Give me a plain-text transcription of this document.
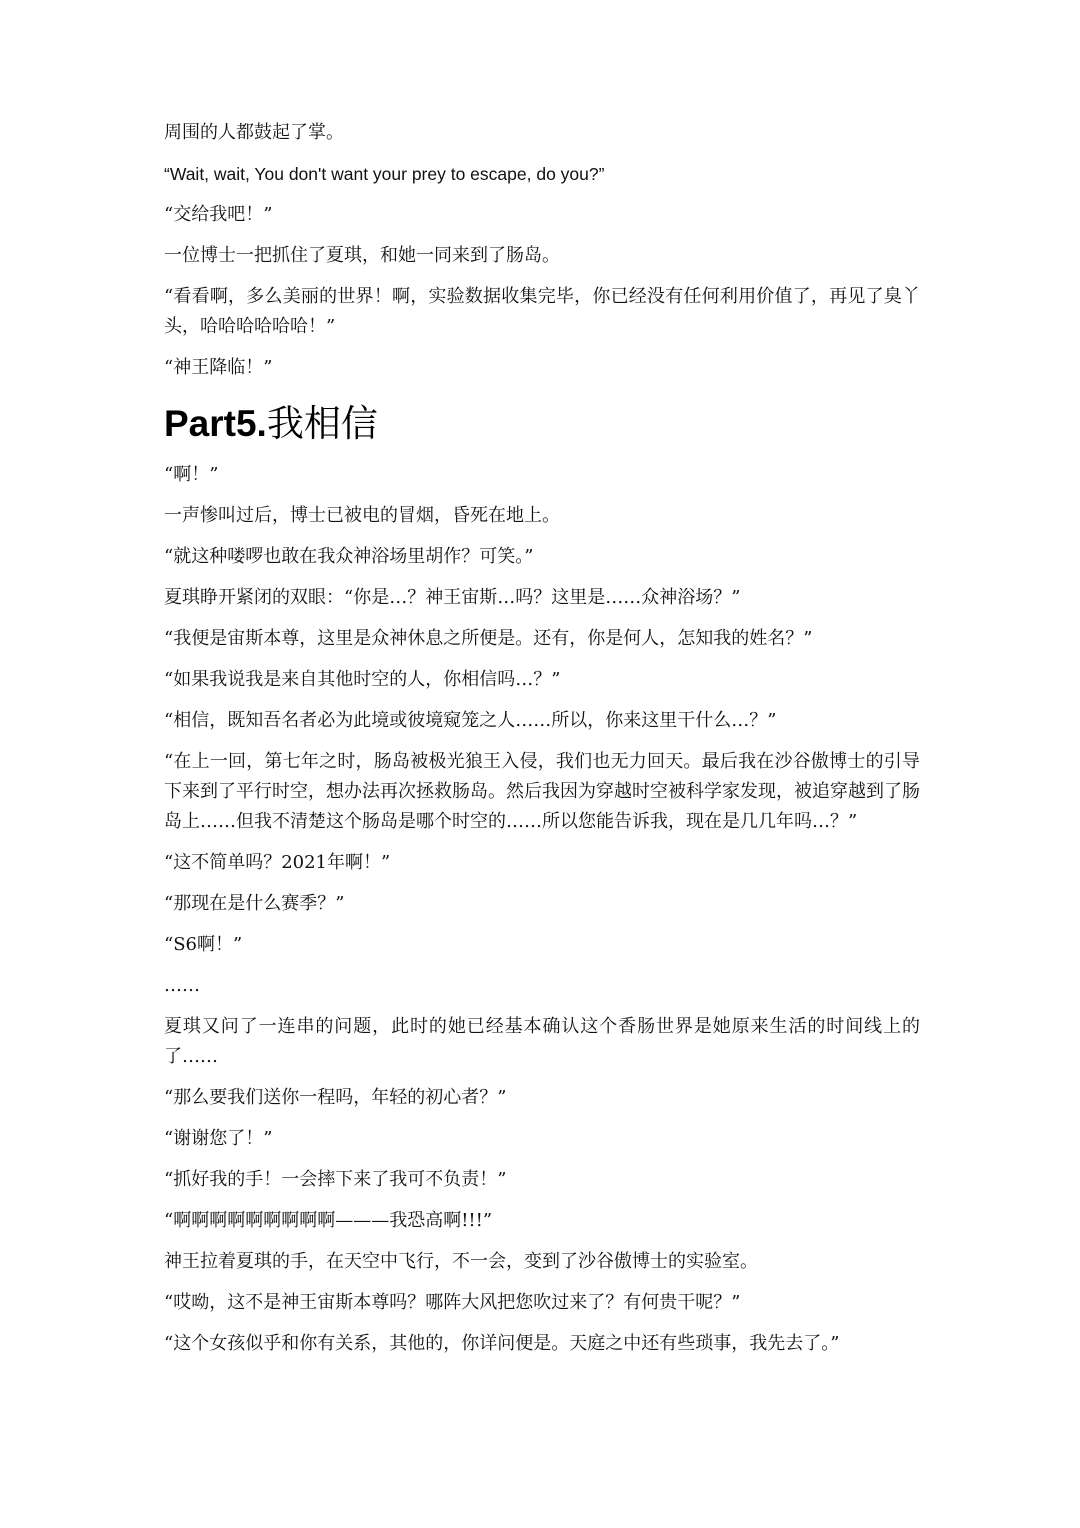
周围的人都鼓起了掌。

“Wait, wait, You don't want your prey to escape, do you?”

“交给我吧！”

一位博士一把抓住了夏琪，和她一同来到了肠岛。

“看看啊，多么美丽的世界！啊，实验数据收集完毕，你已经没有任何利用价值了，再见了臭丫头，哈哈哈哈哈哈！”

“神王降临！”

Part5.我相信

“啊！”

一声惨叫过后，博士已被电的冒烟，昏死在地上。

“就这种喽啰也敢在我众神浴场里胡作？可笑。”

夏琪睁开紧闭的双眼：“你是…？神王宙斯…吗？这里是……众神浴场？”

“我便是宙斯本尊，这里是众神休息之所便是。还有，你是何人，怎知我的姓名？”

“如果我说我是来自其他时空的人，你相信吗…？”

“相信，既知吾名者必为此境或彼境窥笼之人……所以，你来这里干什么…？”

“在上一回，第七年之时，肠岛被极光狼王入侵，我们也无力回天。最后我在沙谷傲博士的引导下来到了平行时空，想办法再次拯救肠岛。然后我因为穿越时空被科学家发现，被追穿越到了肠岛上……但我不清楚这个肠岛是哪个时空的……所以您能告诉我，现在是几几年吗…？”

“这不简单吗？2021年啊！”

“那现在是什么赛季？”

“S6啊！”

……

夏琪又问了一连串的问题，此时的她已经基本确认这个香肠世界是她原来生活的时间线上的了……

“那么要我们送你一程吗，年轻的初心者？”

“谢谢您了！”

“抓好我的手！一会摔下来了我可不负责！”

“啊啊啊啊啊啊啊啊啊———我恐高啊!!!”

神王拉着夏琪的手，在天空中飞行，不一会，变到了沙谷傲博士的实验室。

“哎呦，这不是神王宙斯本尊吗？哪阵大风把您吹过来了？有何贵干呢？”

“这个女孩似乎和你有关系，其他的，你详问便是。天庭之中还有些琐事，我先去了。”
